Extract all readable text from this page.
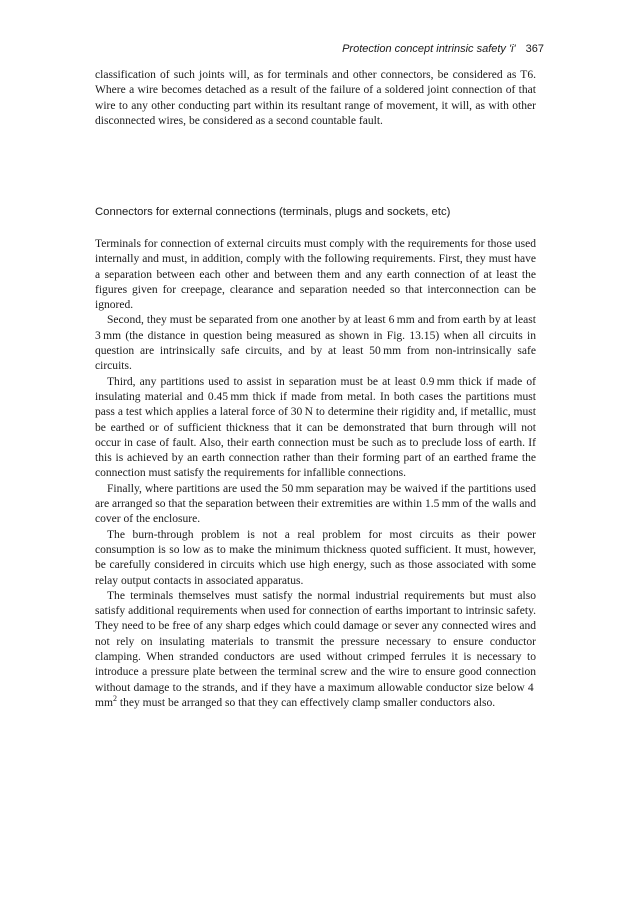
Protection concept intrinsic safety 'i' 367

classification of such joints will, as for terminals and other connectors, be considered as T6. Where a wire becomes detached as a result of the failure of a soldered joint connection of that wire to any other conducting part within its resultant range of movement, it will, as with other disconnected wires, be considered as a second countable fault.

Connectors for external connections (terminals, plugs and sockets, etc)

Terminals for connection of external circuits must comply with the requirements for those used internally and must, in addition, comply with the following requirements. First, they must have a separation between each other and between them and any earth connection of at least the figures given for creepage, clearance and separation needed so that interconnection can be ignored.

Second, they must be separated from one another by at least 6 mm and from earth by at least 3 mm (the distance in question being measured as shown in Fig. 13.15) when all circuits in question are intrinsically safe circuits, and by at least 50 mm from non-intrinsically safe circuits.

Third, any partitions used to assist in separation must be at least 0.9 mm thick if made of insulating material and 0.45 mm thick if made from metal. In both cases the partitions must pass a test which applies a lateral force of 30 N to determine their rigidity and, if metallic, must be earthed or of sufficient thickness that it can be demonstrated that burn through will not occur in case of fault. Also, their earth connection must be such as to preclude loss of earth. If this is achieved by an earth connection rather than their forming part of an earthed frame the connection must satisfy the requirements for infallible connections.

Finally, where partitions are used the 50 mm separation may be waived if the partitions used are arranged so that the separation between their extremities are within 1.5 mm of the walls and cover of the enclosure.

The burn-through problem is not a real problem for most circuits as their power consumption is so low as to make the minimum thickness quoted sufficient. It must, however, be carefully considered in circuits which use high energy, such as those associated with some relay output contacts in associated apparatus.

The terminals themselves must satisfy the normal industrial requirements but must also satisfy additional requirements when used for connection of earths important to intrinsic safety. They need to be free of any sharp edges which could damage or sever any connected wires and not rely on insulating materials to transmit the pressure necessary to ensure conductor clamping. When stranded conductors are used without crimped ferrules it is necessary to introduce a pressure plate between the terminal screw and the wire to ensure good connection without damage to the strands, and if they have a maximum allowable conductor size below 4 $mm^2$ they must be arranged so that they can effectively clamp smaller conductors also.
